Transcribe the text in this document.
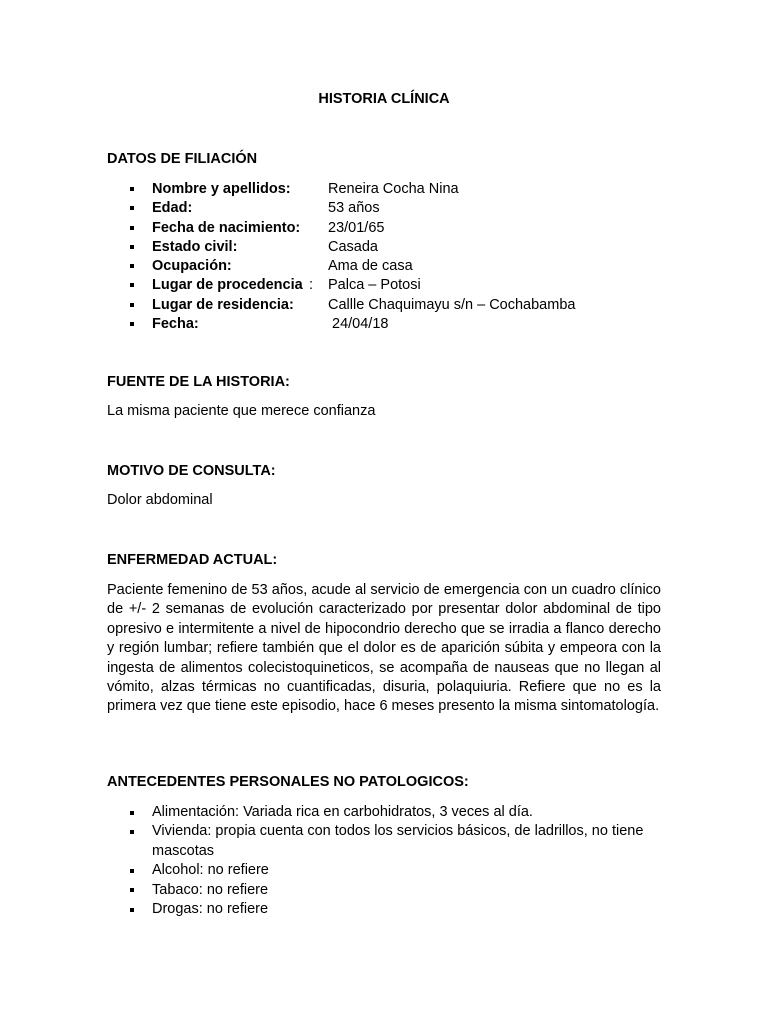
HISTORIA CLÍNICA
DATOS DE FILIACIÓN
Nombre y apellidos:	Reneira Cocha Nina
Edad:	53 años
Fecha de nacimiento: 23/01/65
Estado civil:	Casada
Ocupación:	Ama de casa
Lugar de procedencia : Palca – Potosi
Lugar de residencia: Callle Chaquimayu s/n – Cochabamba
Fecha:	24/04/18
FUENTE DE LA HISTORIA:
La misma paciente que merece confianza
MOTIVO DE CONSULTA:
Dolor abdominal
ENFERMEDAD ACTUAL:
Paciente femenino de 53 años, acude al servicio de emergencia con un cuadro clínico de +/- 2 semanas de evolución caracterizado por presentar dolor abdominal de tipo opresivo e intermitente a nivel de hipocondrio derecho que se irradia a flanco derecho y región lumbar; refiere también que el dolor es de aparición súbita y empeora con la ingesta de alimentos colecistoquineticos, se acompaña de nauseas que no llegan al vómito, alzas térmicas no cuantificadas, disuria, polaquiuria. Refiere que no es la primera vez que tiene este episodio, hace 6 meses presento la misma sintomatología.
ANTECEDENTES PERSONALES NO PATOLOGICOS:
Alimentación: Variada rica en carbohidratos, 3 veces al día.
Vivienda: propia cuenta con todos los servicios básicos, de ladrillos, no tiene mascotas
Alcohol: no refiere
Tabaco: no refiere
Drogas: no refiere
